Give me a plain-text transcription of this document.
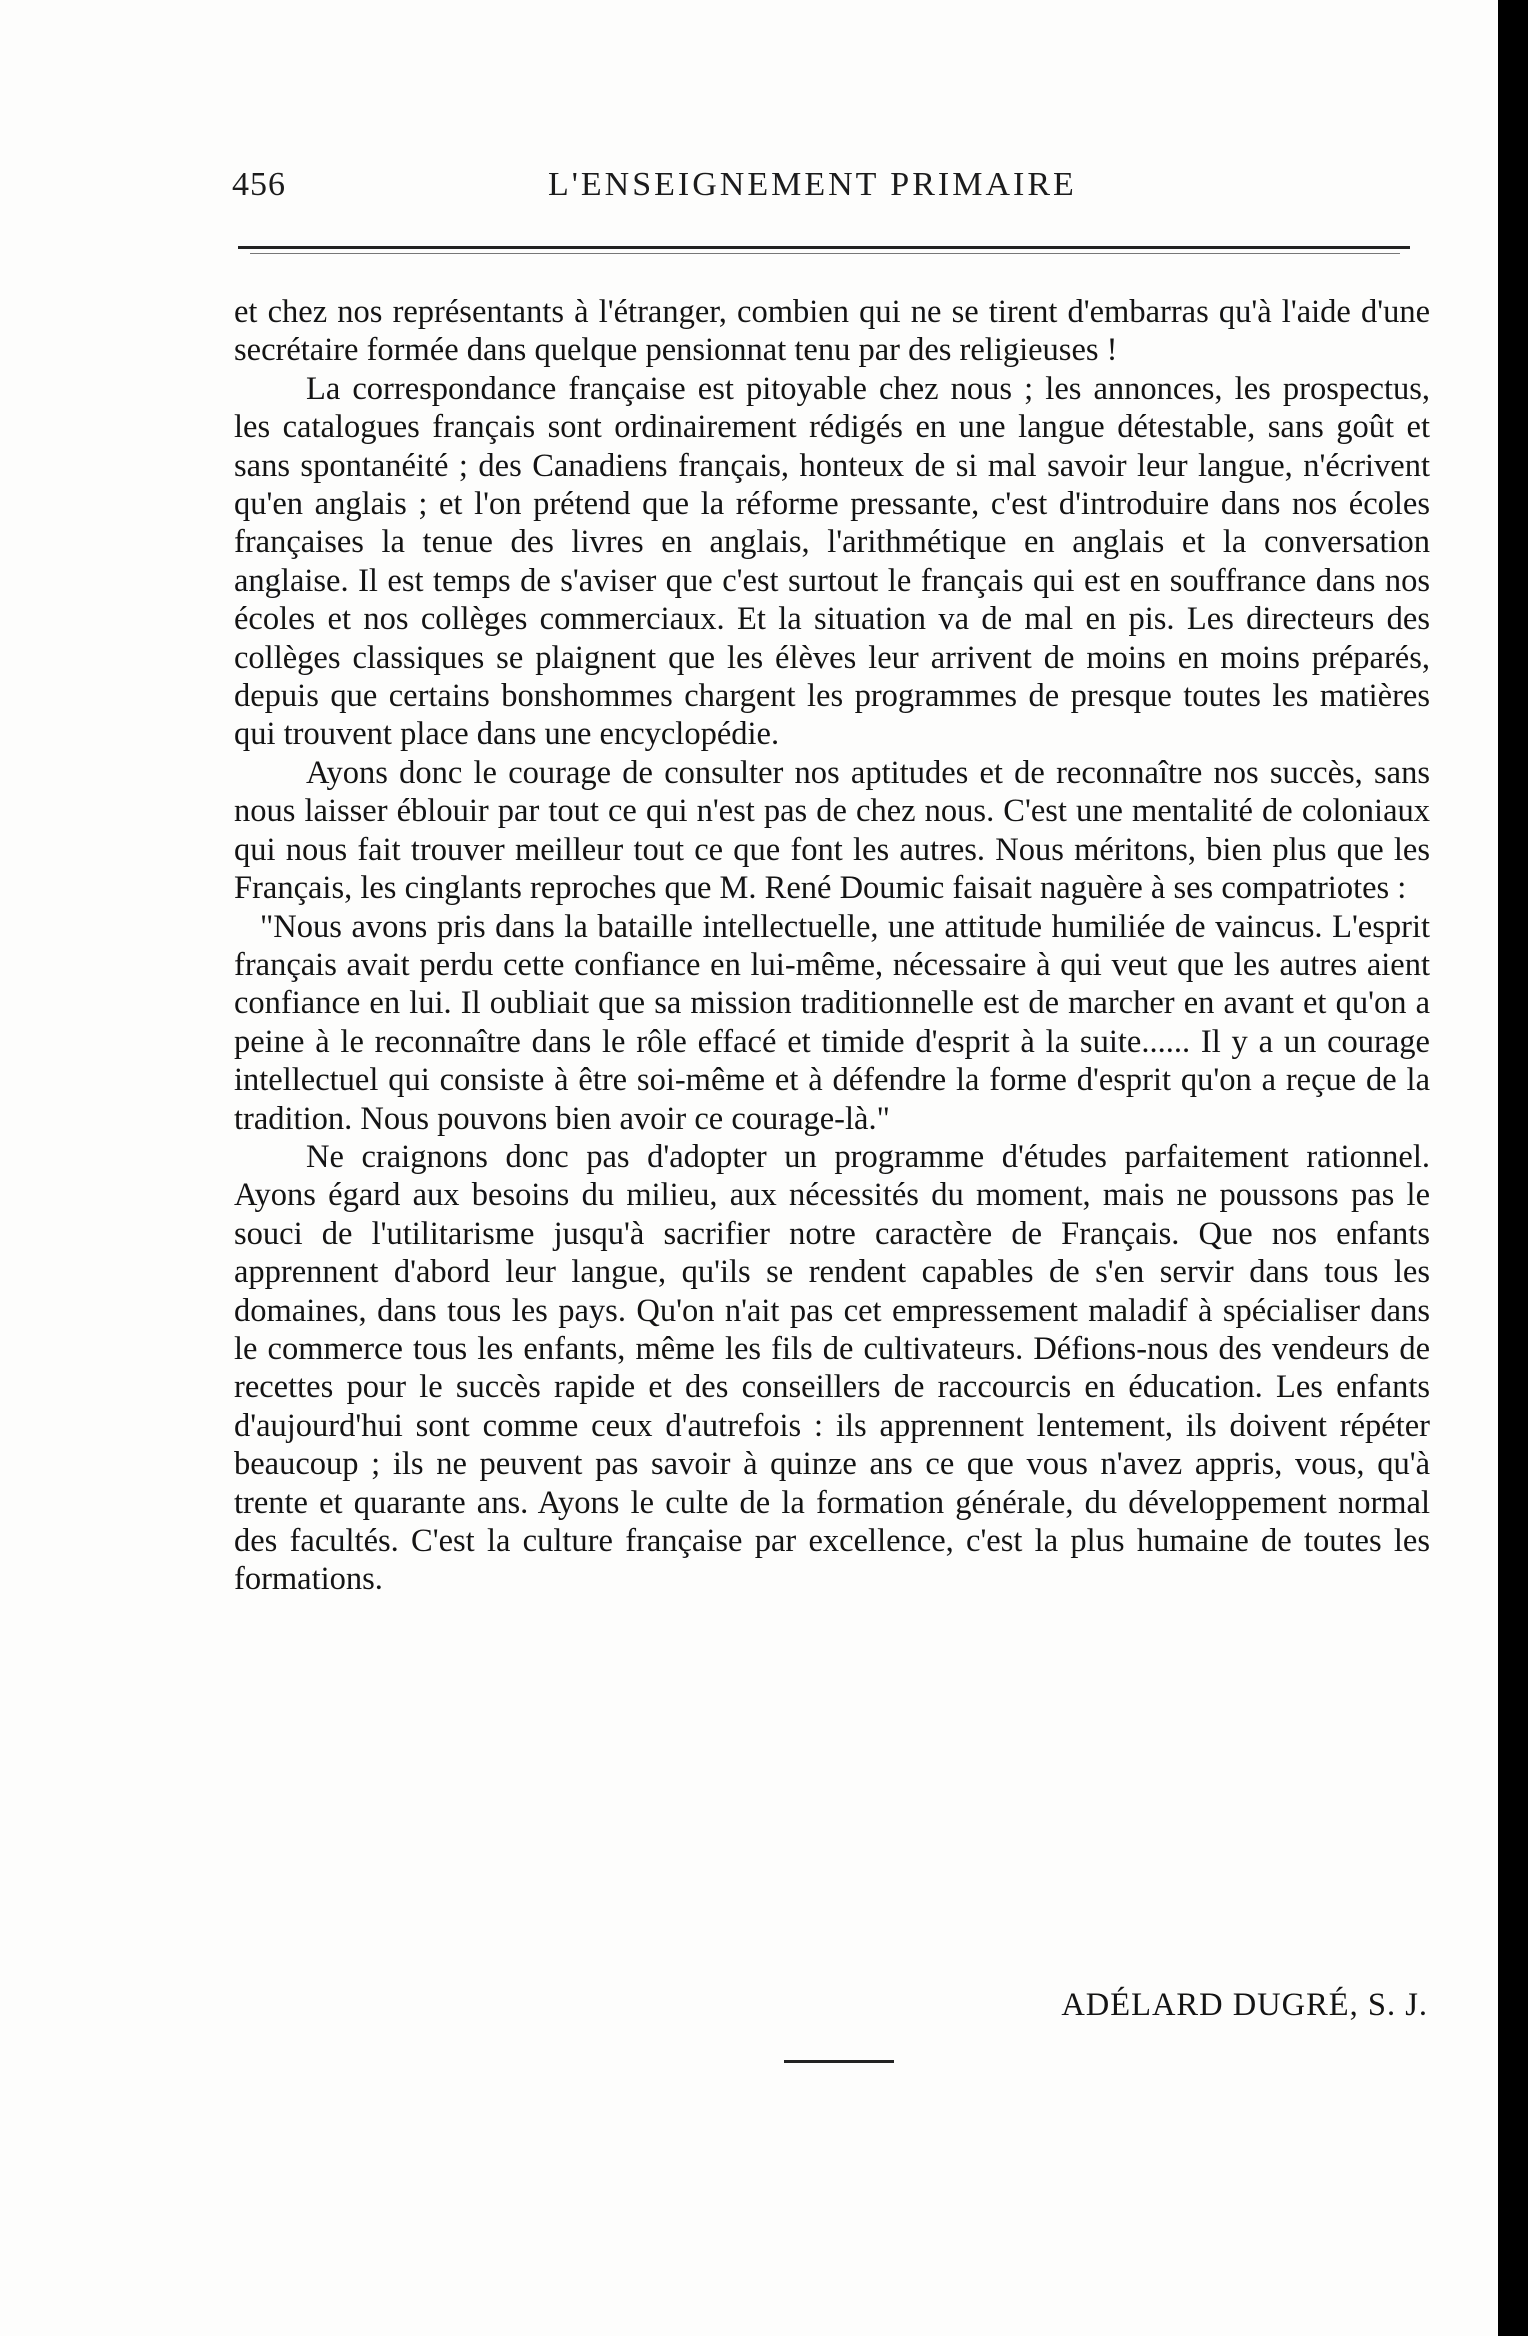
456	L'ENSEIGNEMENT PRIMAIRE

et chez nos représentants à l'étranger, combien qui ne se tirent d'embarras qu'à l'aide d'une secrétaire formée dans quelque pensionnat tenu par des religieuses !

La correspondance française est pitoyable chez nous ; les annonces, les prospectus, les catalogues français sont ordinairement rédigés en une langue détestable, sans goût et sans spontanéité ; des Canadiens français, honteux de si mal savoir leur langue, n'écrivent qu'en anglais ; et l'on prétend que la réforme pressante, c'est d'introduire dans nos écoles françaises la tenue des livres en anglais, l'arithmétique en anglais et la conversation anglaise. Il est temps de s'aviser que c'est surtout le français qui est en souffrance dans nos écoles et nos collèges commerciaux. Et la situation va de mal en pis. Les directeurs des collèges classiques se plaignent que les élèves leur arrivent de moins en moins préparés, depuis que certains bonshommes chargent les programmes de presque toutes les matières qui trouvent place dans une encyclopédie.

Ayons donc le courage de consulter nos aptitudes et de reconnaître nos succès, sans nous laisser éblouir par tout ce qui n'est pas de chez nous. C'est une mentalité de coloniaux qui nous fait trouver meilleur tout ce que font les autres. Nous méritons, bien plus que les Français, les cinglants reproches que M. René Doumic faisait naguère à ses compatriotes :

"Nous avons pris dans la bataille intellectuelle, une attitude humiliée de vaincus. L'esprit français avait perdu cette confiance en lui-même, nécessaire à qui veut que les autres aient confiance en lui. Il oubliait que sa mission traditionnelle est de marcher en avant et qu'on a peine à le reconnaître dans le rôle effacé et timide d'esprit à la suite...... Il y a un courage intellectuel qui consiste à être soi-même et à défendre la forme d'esprit qu'on a reçue de la tradition. Nous pouvons bien avoir ce courage-là."

Ne craignons donc pas d'adopter un programme d'études parfaitement rationnel. Ayons égard aux besoins du milieu, aux nécessités du moment, mais ne poussons pas le souci de l'utilitarisme jusqu'à sacrifier notre caractère de Français. Que nos enfants apprennent d'abord leur langue, qu'ils se rendent capables de s'en servir dans tous les domaines, dans tous les pays. Qu'on n'ait pas cet empressement maladif à spécialiser dans le commerce tous les enfants, même les fils de cultivateurs. Défions-nous des vendeurs de recettes pour le succès rapide et des conseillers de raccourcis en éducation. Les enfants d'aujourd'hui sont comme ceux d'autrefois : ils apprennent lentement, ils doivent répéter beaucoup ; ils ne peuvent pas savoir à quinze ans ce que vous n'avez appris, vous, qu'à trente et quarante ans. Ayons le culte de la formation générale, du développement normal des facultés. C'est la culture française par excellence, c'est la plus humaine de toutes les formations.

ADÉLARD DUGRÉ, S. J.
